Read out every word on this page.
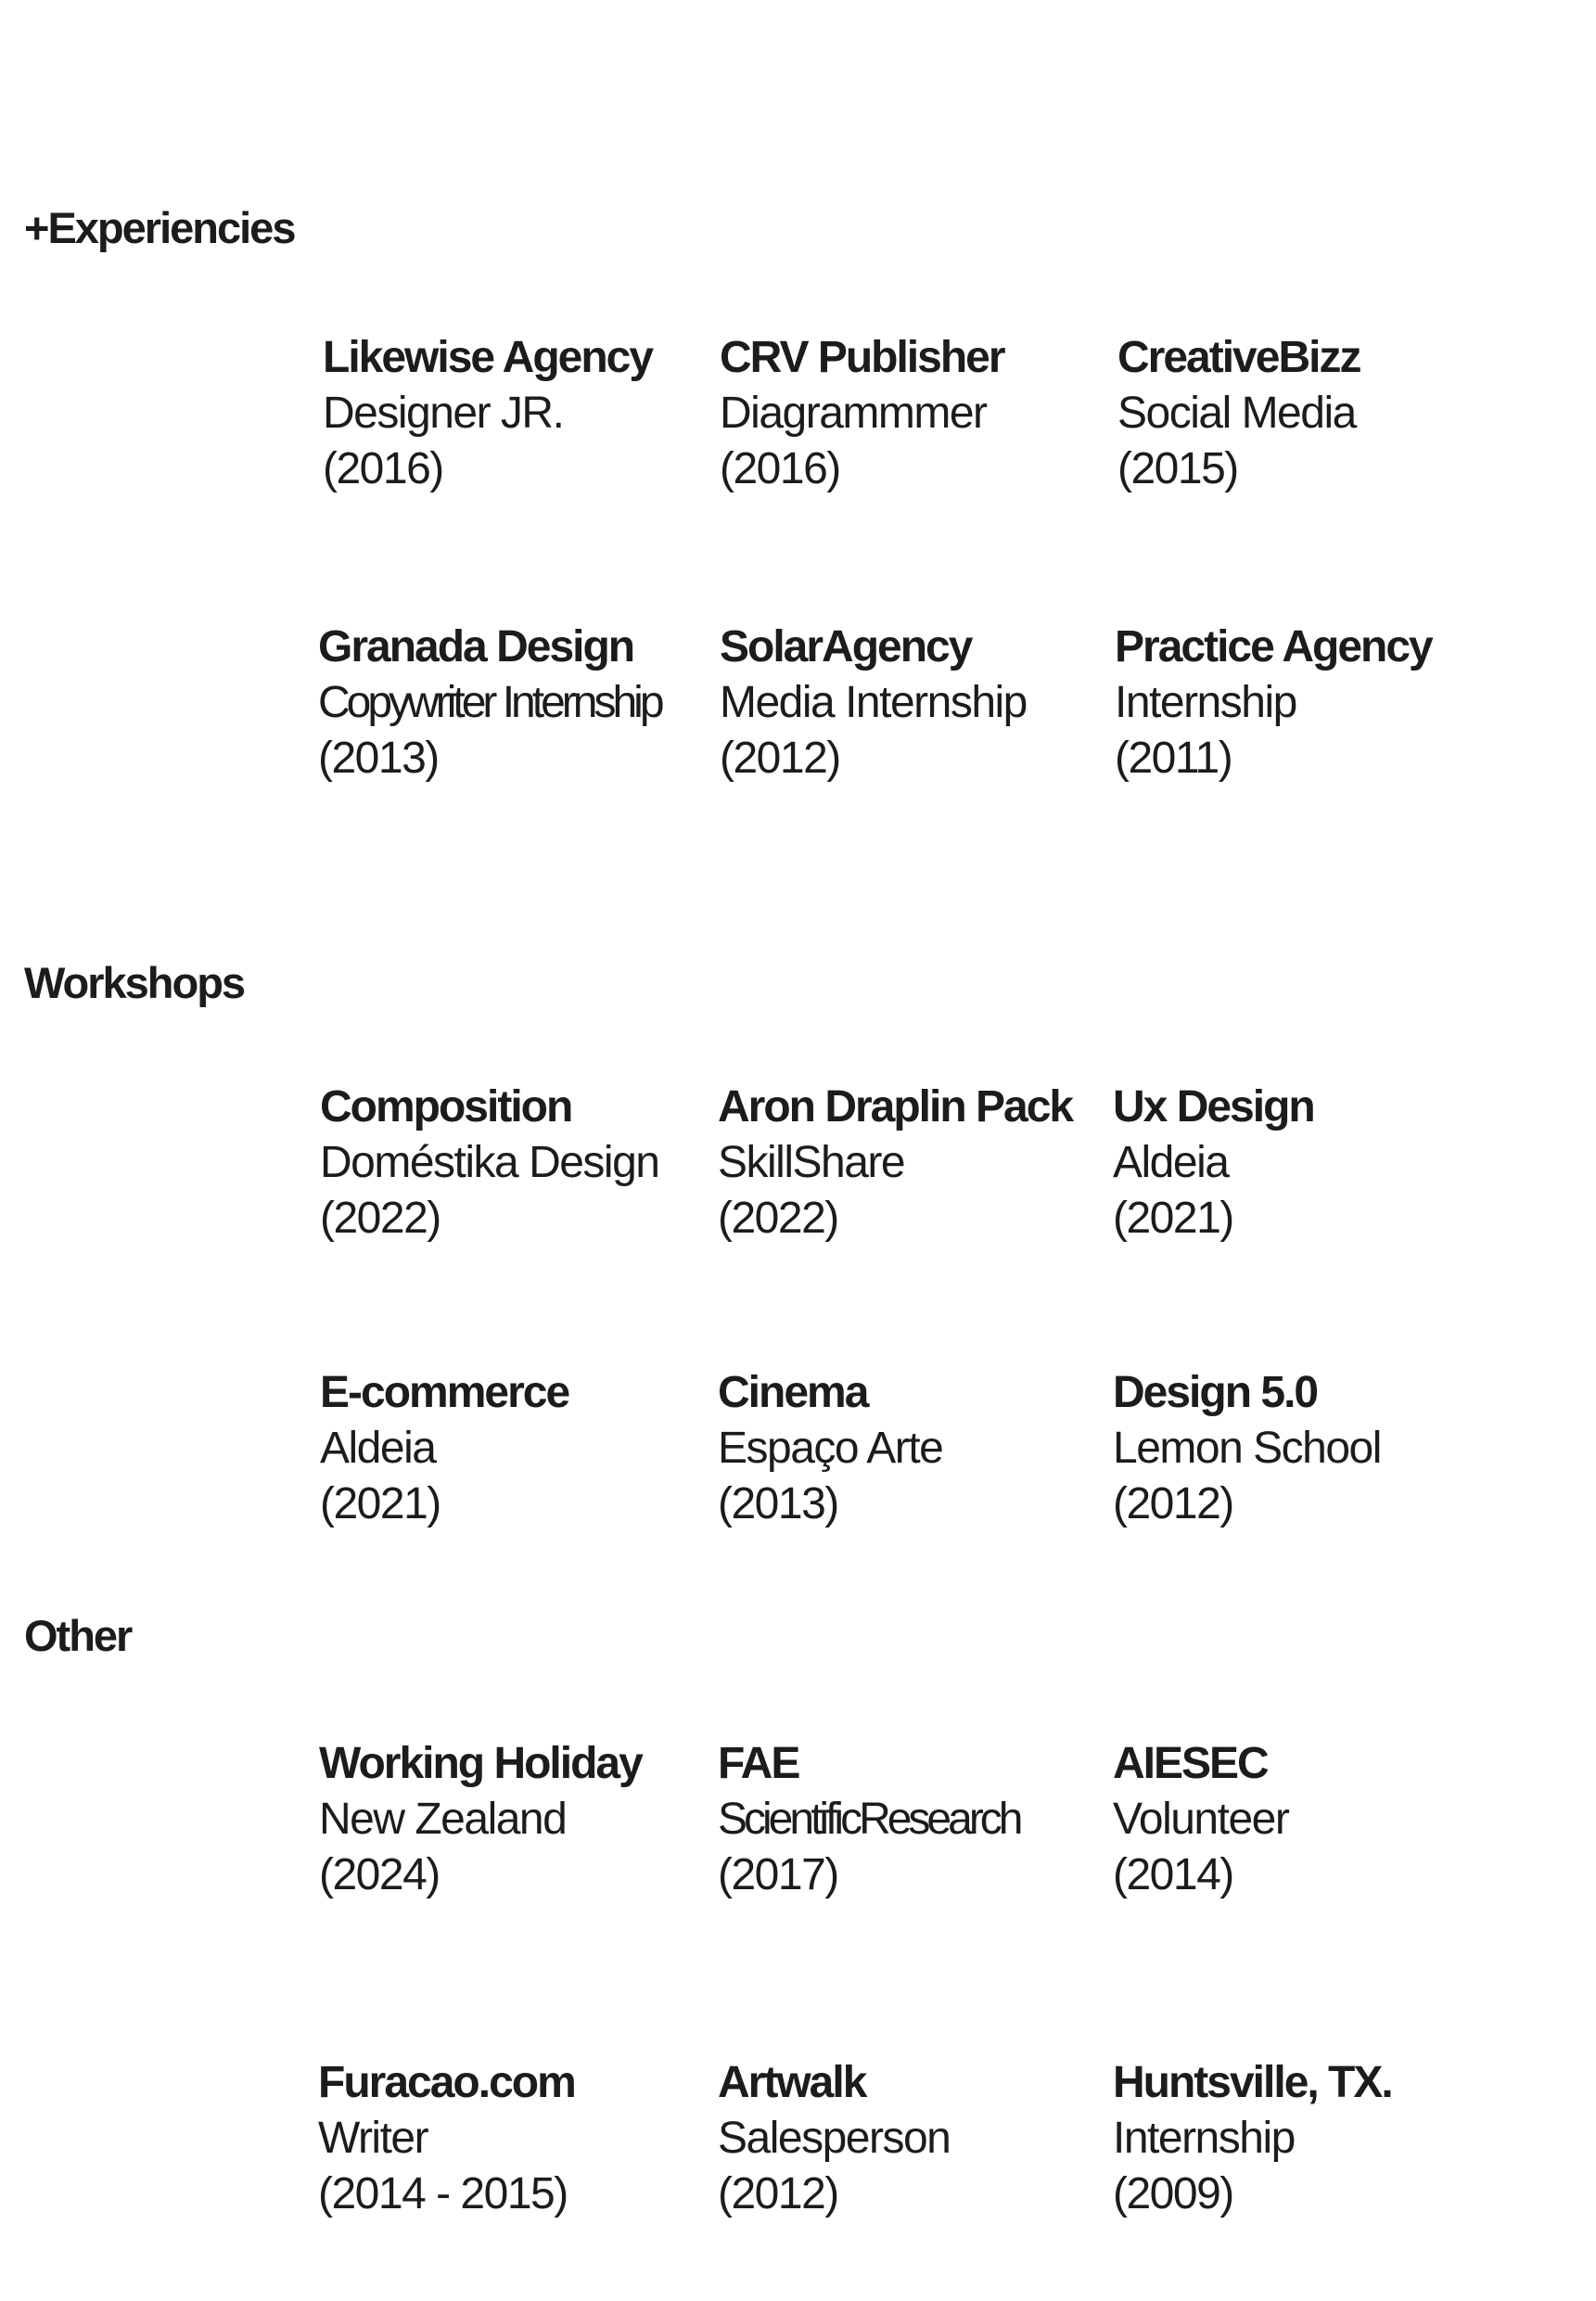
+Experiencies
Likewise Agency
Designer JR.
(2016)
CRV Publisher
Diagrammmer
(2016)
CreativeBizz
Social Media
(2015)
Granada Design
Copywriter Internship
(2013)
SolarAgency
Media Internship
(2012)
Practice Agency
Internship
(2011)
Workshops
Composition
Doméstika Design
(2022)
Aron Draplin Pack
SkillShare
(2022)
Ux Design
Aldeia
(2021)
E-commerce
Aldeia
(2021)
Cinema
Espaço Arte
(2013)
Design 5.0
Lemon School
(2012)
Other
Working Holiday
New Zealand
(2024)
FAE
ScientificResearch
(2017)
AIESEC
Volunteer
(2014)
Furacao.com
Writer
(2014 - 2015)
Artwalk
Salesperson
(2012)
Huntsville, TX.
Internship
(2009)
